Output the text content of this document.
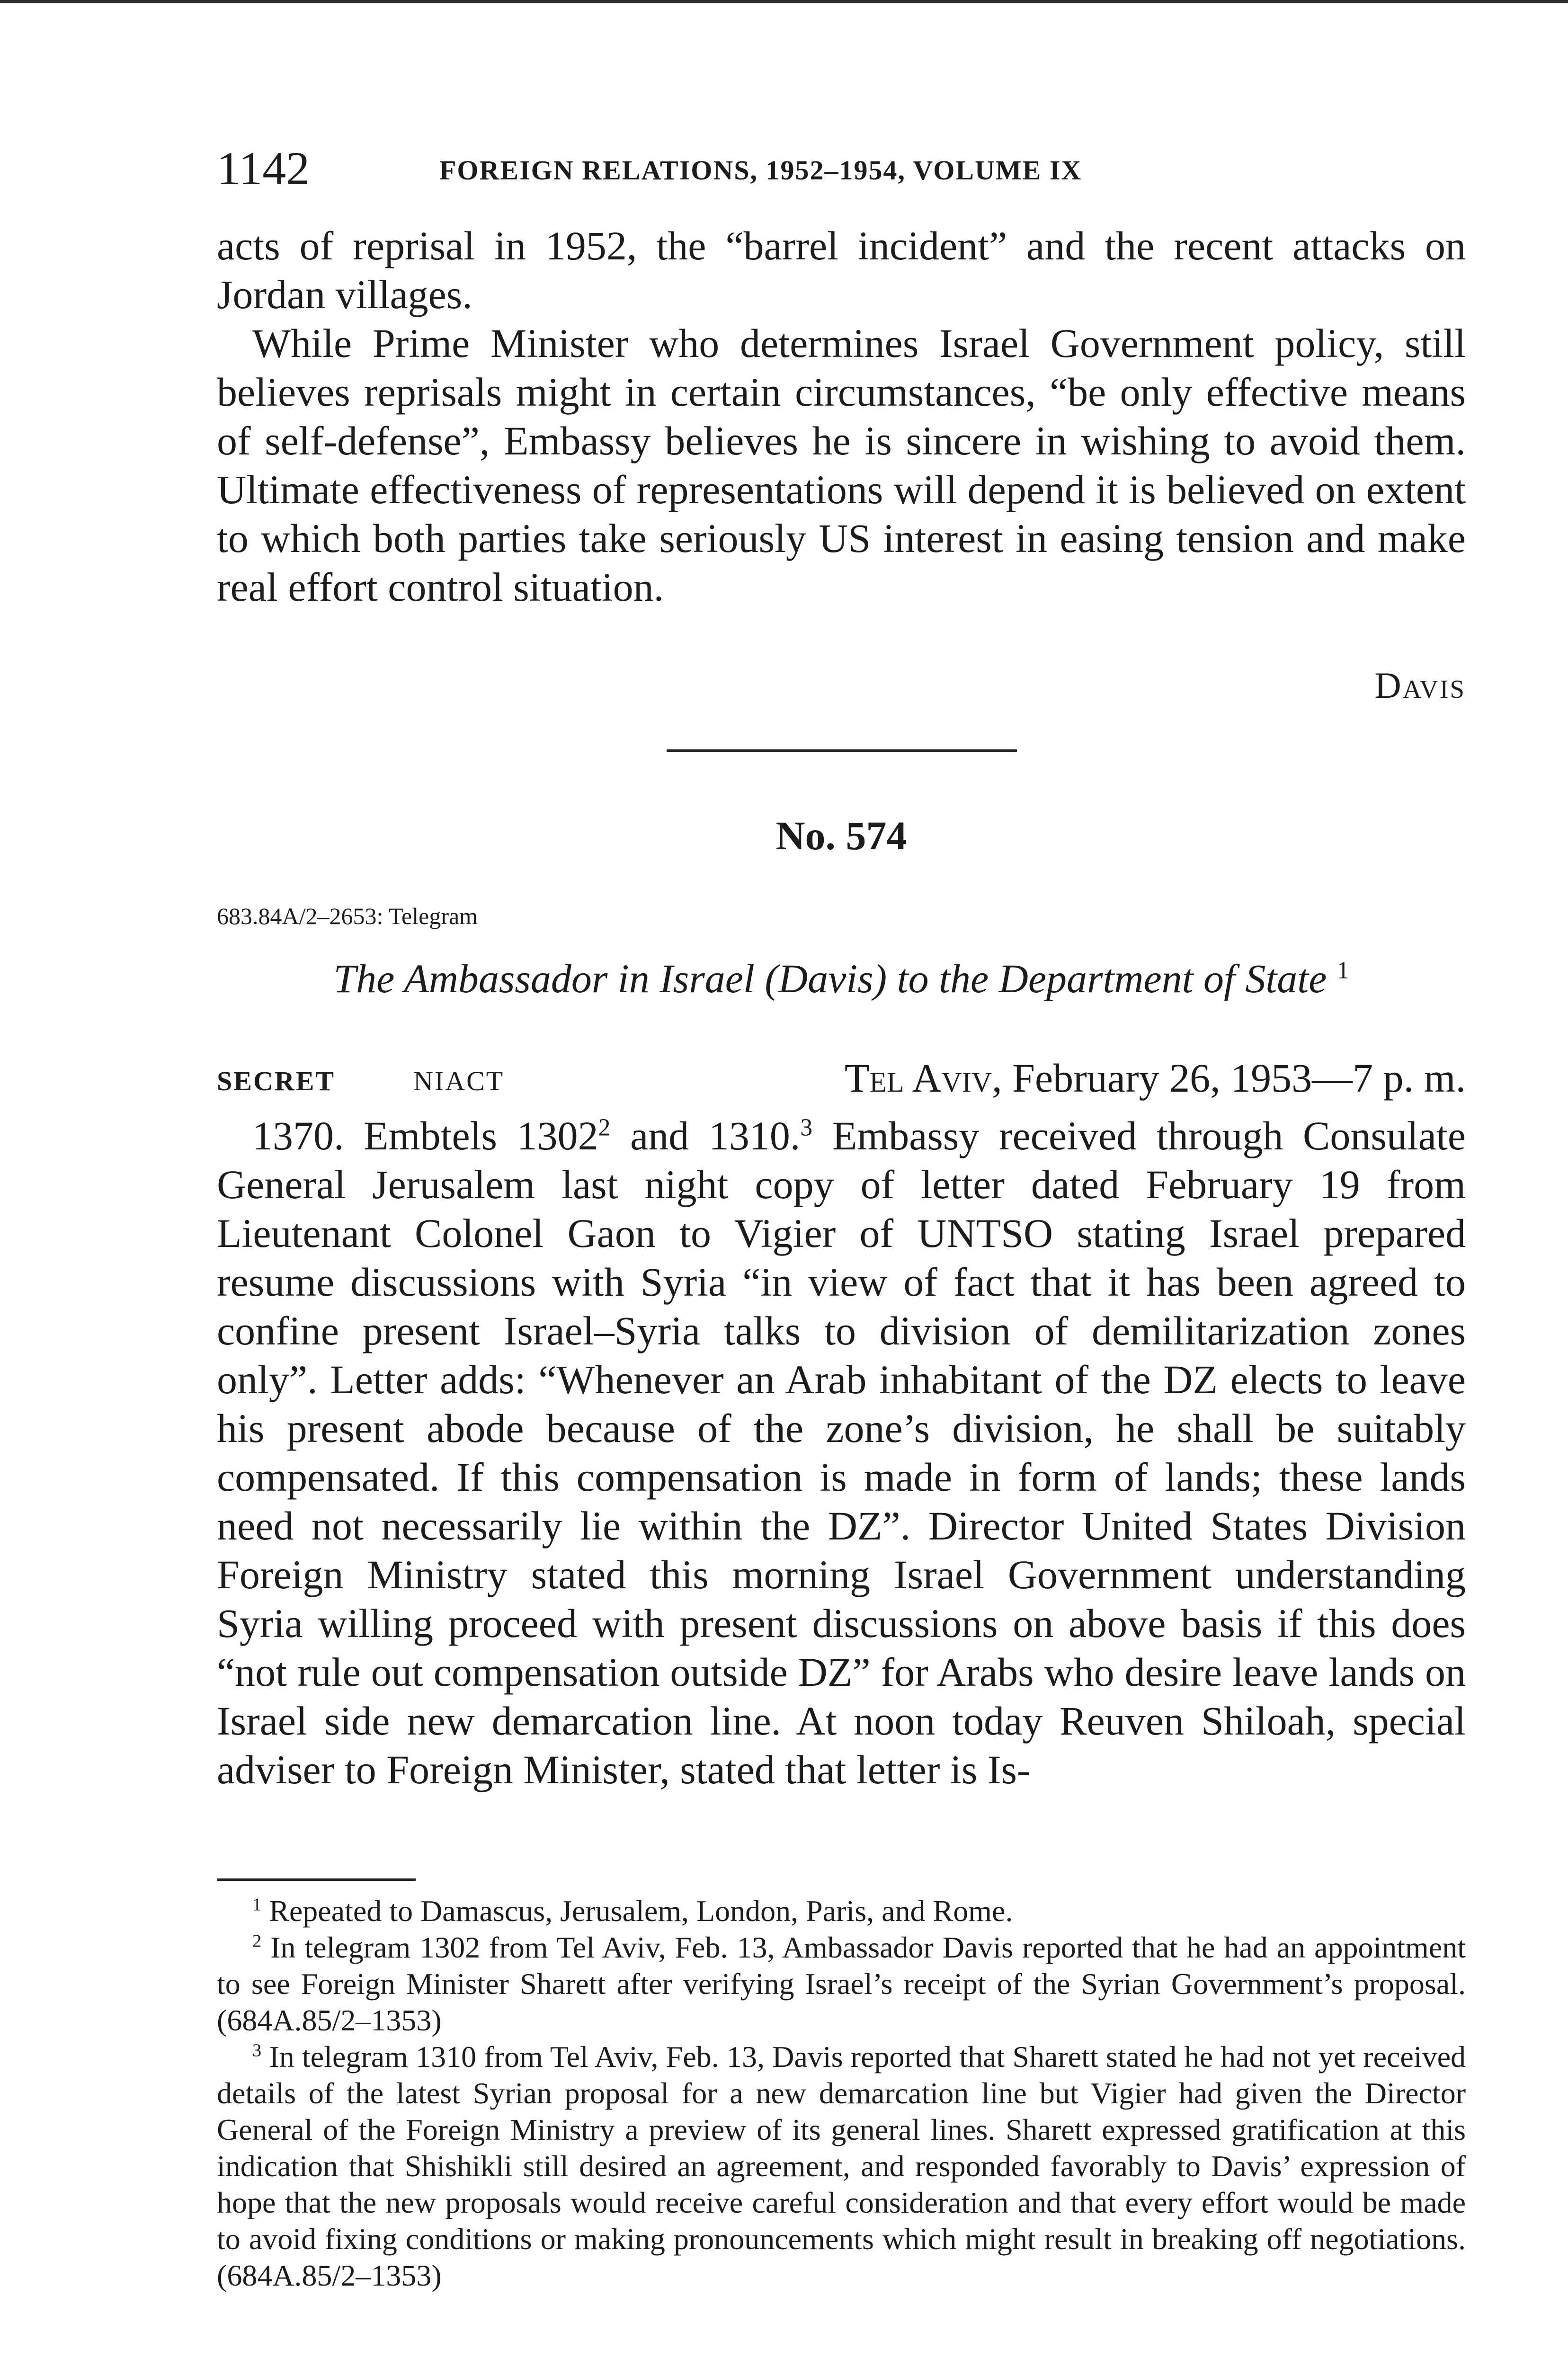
1142	FOREIGN RELATIONS, 1952–1954, VOLUME IX

acts of reprisal in 1952, the “barrel incident” and the recent attacks on Jordan villages.

While Prime Minister who determines Israel Government policy, still believes reprisals might in certain circumstances, “be only effective means of self-defense”, Embassy believes he is sincere in wishing to avoid them. Ultimate effectiveness of representations will depend it is believed on extent to which both parties take seriously US interest in easing tension and make real effort control situation.

Davis
No. 574
683.84A/2–2653: Telegram
The Ambassador in Israel (Davis) to the Department of State $^1$
SECRET	NIACT	Tel Aviv, February 26, 1953—7 p. m.

1370. Embtels 1302$^2$ and 1310.$^3$ Embassy received through Consulate General Jerusalem last night copy of letter dated February 19 from Lieutenant Colonel Gaon to Vigier of UNTSO stating Israel prepared resume discussions with Syria “in view of fact that it has been agreed to confine present Israel–Syria talks to division of demilitarization zones only”. Letter adds: “Whenever an Arab inhabitant of the DZ elects to leave his present abode because of the zone’s division, he shall be suitably compensated. If this compensation is made in form of lands; these lands need not necessarily lie within the DZ”. Director United States Division Foreign Ministry stated this morning Israel Government understanding Syria willing proceed with present discussions on above basis if this does “not rule out compensation outside DZ” for Arabs who desire leave lands on Israel side new demarcation line. At noon today Reuven Shiloah, special adviser to Foreign Minister, stated that letter is Is-

$^1$ Repeated to Damascus, Jerusalem, London, Paris, and Rome.

$^2$ In telegram 1302 from Tel Aviv, Feb. 13, Ambassador Davis reported that he had an appointment to see Foreign Minister Sharett after verifying Israel’s receipt of the Syrian Government’s proposal. (684A.85/2–1353)

$^3$ In telegram 1310 from Tel Aviv, Feb. 13, Davis reported that Sharett stated he had not yet received details of the latest Syrian proposal for a new demarcation line but Vigier had given the Director General of the Foreign Ministry a preview of its general lines. Sharett expressed gratification at this indication that Shishikli still desired an agreement, and responded favorably to Davis’ expression of hope that the new proposals would receive careful consideration and that every effort would be made to avoid fixing conditions or making pronouncements which might result in breaking off negotiations. (684A.85/2–1353)
